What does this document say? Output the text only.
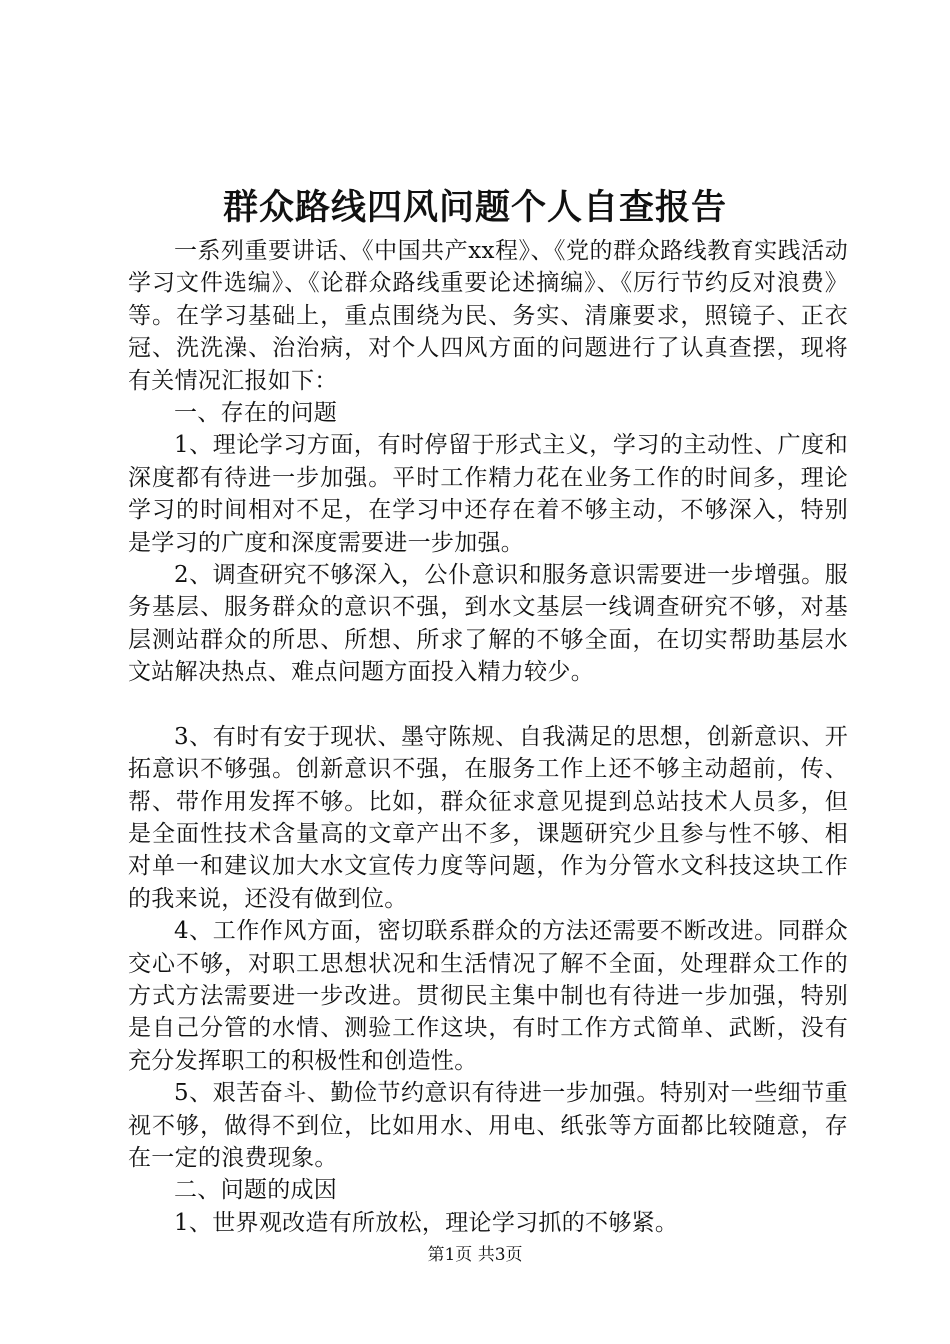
群众路线四风问题个人自查报告

一系列重要讲话、《中国共产xx程》、《党的群众路线教育实践活动学习文件选编》、《论群众路线重要论述摘编》、《厉行节约反对浪费》等。在学习基础上，重点围绕为民、务实、清廉要求，照镜子、正衣冠、洗洗澡、治治病，对个人四风方面的问题进行了认真查摆，现将有关情况汇报如下：

一、存在的问题

1、理论学习方面，有时停留于形式主义，学习的主动性、广度和深度都有待进一步加强。平时工作精力花在业务工作的时间多，理论学习的时间相对不足，在学习中还存在着不够主动，不够深入，特别是学习的广度和深度需要进一步加强。

2、调查研究不够深入，公仆意识和服务意识需要进一步增强。服务基层、服务群众的意识不强，到水文基层一线调查研究不够，对基层测站群众的所思、所想、所求了解的不够全面，在切实帮助基层水文站解决热点、难点问题方面投入精力较少。

3、有时有安于现状、墨守陈规、自我满足的思想，创新意识、开拓意识不够强。创新意识不强，在服务工作上还不够主动超前，传、帮、带作用发挥不够。比如，群众征求意见提到总站技术人员多，但是全面性技术含量高的文章产出不多，课题研究少且参与性不够、相对单一和建议加大水文宣传力度等问题，作为分管水文科技这块工作的我来说，还没有做到位。

4、工作作风方面，密切联系群众的方法还需要不断改进。同群众交心不够，对职工思想状况和生活情况了解不全面，处理群众工作的方式方法需要进一步改进。贯彻民主集中制也有待进一步加强，特别是自己分管的水情、测验工作这块，有时工作方式简单、武断，没有充分发挥职工的积极性和创造性。

5、艰苦奋斗、勤俭节约意识有待进一步加强。特别对一些细节重视不够，做得不到位，比如用水、用电、纸张等方面都比较随意，存在一定的浪费现象。

二、问题的成因

1、世界观改造有所放松，理论学习抓的不够紧。

第1页 共3页
